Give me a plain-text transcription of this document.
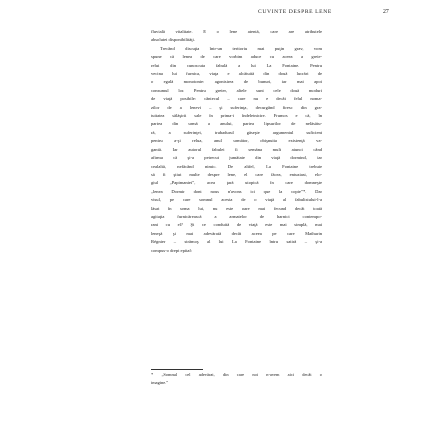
CUVINTE DESPRE LENE	27
fluvială vitalitate. E o lene atentă, care are atributele
absolutei disponibilităţi.
Trecând discuţia într-un teritoriu mai puţin grav, vom
spune că lenea de care vorbim aduce cu aceea a greie-
relui din cunoscuta fabulă a lui La Fontaine. Pentru
vecina lui furnica, viaţa e alcătuită din două lucrări de
o egală monotonie: agonisirea de bunuri, iar mai apoi
consumul lor. Pentru greier, altele sunt cele două moduri
de viaţă posibile: cântecul – care nu e decât felul noma-
zilor de a lenevi – şi suferinţa, decurgând firesc din gra-
tuitatea sălăşirii sale în prima-i îndeletnicire. Frumos e că, în
partea din urmă a anului, partea lipsurilor de nelăsătu-
ră, a suferinţei, trubadurul găseşte argumentul suficient
pentru a-şi relua, anul următor, obişnuita existenţă va-
gantă. Iar autorul fabulei îi semăna mult atunci când
afirma că şi-a petrecut jumătate din viaţă dormind, iar
cealaltă, nefăcând nimic. De altfel, La Fontaine trebuie
să fi ştiut multe despre lene, el care făcea, entuziast, elo-
giul „Papimaniei”, acea ţară utopică în care domneşte
„lenea Dormir dont nous n'avons ici que la copie”*. Dar
visul, pe care somnul acesta de o viaţă al fabulistului-l-a
lăsat în urma lui, nu este oare mai fecund decât toată
agitaţia furnicărească a armatelor de harnici contempo-
rani cu el? Şi ce conduită de viaţă este mai simplă, mai
leneşă şi mai adevărată decât aceea pe care Mathurin
Régnier – strămoş al lui La Fontaine întru satiră – şi-a
compus-o drept epitaf:
* „Somnul cel adevărat, din care noi n-avem aici decât o
imagine.”
